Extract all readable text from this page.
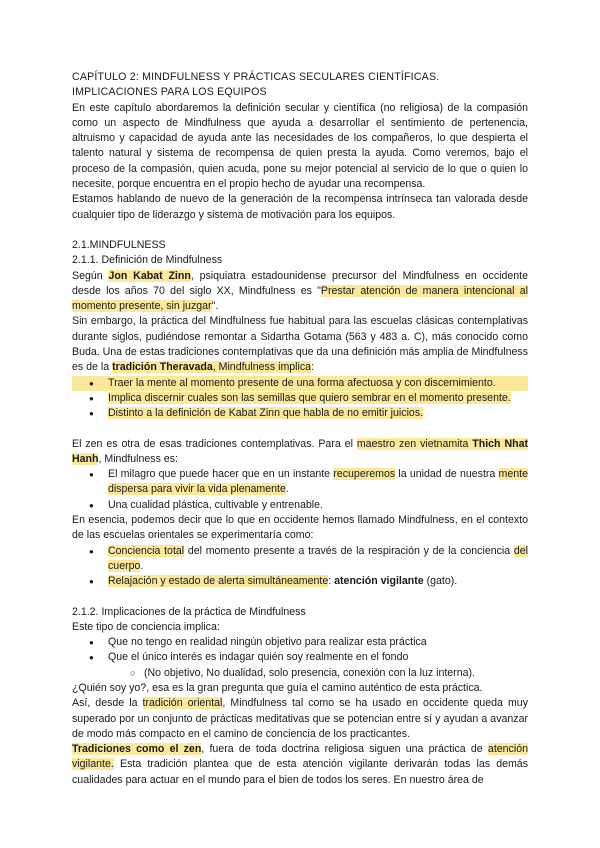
CAPÍTULO 2: MINDFULNESS Y PRÁCTICAS SECULARES CIENTÍFICAS.
IMPLICACIONES PARA LOS EQUIPOS

En este capítulo abordaremos la definición secular y científica (no religiosa) de la compasión como un aspecto de Mindfulness que ayuda a desarrollar el sentimiento de pertenencia, altruismo y capacidad de ayuda ante las necesidades de los compañeros, lo que despierta el talento natural y sistema de recompensa de quien presta la ayuda. Como veremos, bajo el proceso de la compasión, quien acuda, pone su mejor potencial al servicio de lo que o quien lo necesite, porque encuentra en el propio hecho de ayudar una recompensa.

Estamos hablando de nuevo de la generación de la recompensa intrínseca tan valorada desde cualquier tipo de liderazgo y sistema de motivación para los equipos.

2.1.MINDFULNESS

2.1.1. Definición de Mindfulness

Según Jon Kabat Zinn, psiquiatra estadounidense precursor del Mindfulness en occidente desde los años 70 del siglo XX, Mindfulness es "Prestar atención de manera intencional al momento presente, sin juzgar".

Sin embargo, la práctica del Mindfulness fue habitual para las escuelas clásicas contemplativas durante siglos, pudiéndose remontar a Sidartha Gotama (563 y 483 a. C), más conocido como Buda. Una de estas tradiciones contemplativas que da una definición más amplia de Mindfulness es de la tradición Theravada, Mindfulness implica:

● Traer la mente al momento presente de una forma afectuosa y con discernimiento.
● Implica discernir cuales son las semillas que quiero sembrar en el momento presente.
● Distinto a la definición de Kabat Zinn que habla de no emitir juicios.

El zen es otra de esas tradiciones contemplativas. Para el maestro zen vietnamita Thich Nhat Hanh, Mindfulness es:

● El milagro que puede hacer que en un instante recuperemos la unidad de nuestra mente dispersa para vivir la vida plenamente.
● Una cualidad plástica, cultivable y entrenable.

En esencia, podemos decir que lo que en occidente hemos llamado Mindfulness, en el contexto de las escuelas orientales se experimentaría como:

● Conciencia total del momento presente a través de la respiración y de la conciencia del cuerpo.
● Relajación y estado de alerta simultáneamente: atención vigilante (gato).

2.1.2. Implicaciones de la práctica de Mindfulness

Este tipo de conciencia implica:

● Que no tengo en realidad ningún objetivo para realizar esta práctica
● Que el único interés es indagar quién soy realmente en el fondo
○ (No objetivo, No dualidad, solo presencia, conexión con la luz interna).

¿Quién soy yo?, esa es la gran pregunta que guía el camino auténtico de esta práctica.

Así, desde la tradición oriental, Mindfulness tal como se ha usado en occidente queda muy superado por un conjunto de prácticas meditativas que se potencian entre sí y ayudan a avanzar de modo más compacto en el camino de conciencia de los practicantes.

Tradiciones como el zen, fuera de toda doctrina religiosa siguen una práctica de atención vigilante. Esta tradición plantea que de esta atención vigilante derivarán todas las demás cualidades para actuar en el mundo para el bien de todos los seres. En nuestro área de
